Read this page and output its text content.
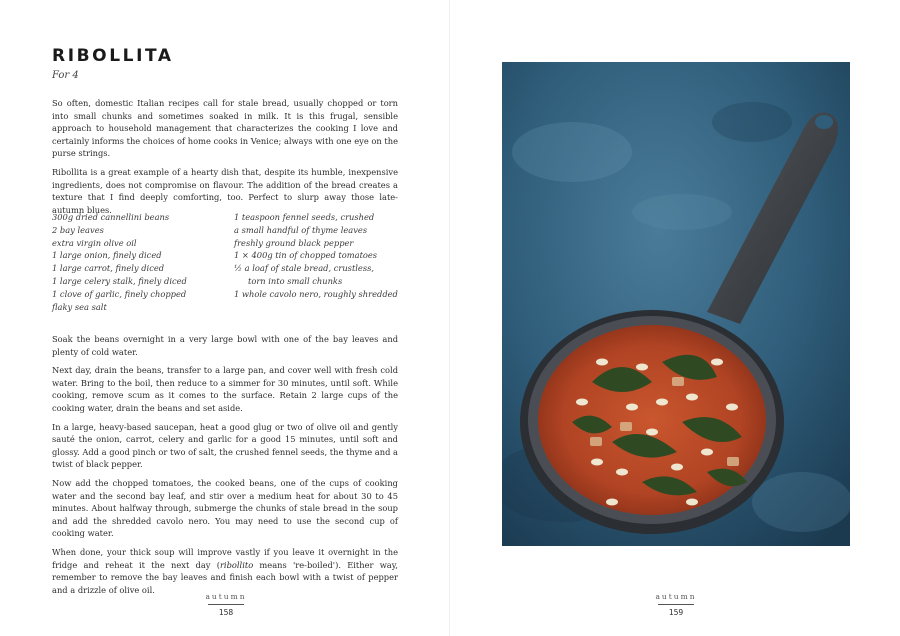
RIBOLLITA

For 4

So often, domestic Italian recipes call for stale bread, usually chopped or torn into small chunks and sometimes soaked in milk. It is this frugal, sensible approach to household management that characterizes the cooking I love and certainly informs the choices of home cooks in Venice; always with one eye on the purse strings.

Ribollita is a great example of a hearty dish that, despite its humble, inexpensive ingredients, does not compromise on flavour. The addition of the bread creates a texture that I find deeply comforting, too. Perfect to slurp away those late-autumn blues.

300g dried cannellini beans
2 bay leaves
extra virgin olive oil
1 large onion, finely diced
1 large carrot, finely diced
1 large celery stalk, finely diced
1 clove of garlic, finely chopped
flaky sea salt
1 teaspoon fennel seeds, crushed
a small handful of thyme leaves
freshly ground black pepper
1 × 400g tin of chopped tomatoes
½ a loaf of stale bread, crustless,
torn into small chunks
1 whole cavolo nero, roughly shredded

Soak the beans overnight in a very large bowl with one of the bay leaves and plenty of cold water.

Next day, drain the beans, transfer to a large pan, and cover well with fresh cold water. Bring to the boil, then reduce to a simmer for 30 minutes, until soft. While cooking, remove scum as it comes to the surface. Retain 2 large cups of the cooking water, drain the beans and set aside.

In a large, heavy-based saucepan, heat a good glug or two of olive oil and gently sauté the onion, carrot, celery and garlic for a good 15 minutes, until soft and glossy. Add a good pinch or two of salt, the crushed fennel seeds, the thyme and a twist of black pepper.

Now add the chopped tomatoes, the cooked beans, one of the cups of cooking water and the second bay leaf, and stir over a medium heat for about 30 to 45 minutes. About halfway through, submerge the chunks of stale bread in the soup and add the shredded cavolo nero. You may need to use the second cup of cooking water.

When done, your thick soup will improve vastly if you leave it overnight in the fridge and reheat it the next day (ribollito means 're-boiled'). Either way, remember to remove the bay leaves and finish each bowl with a twist of pepper and a drizzle of olive oil.

autumn
158
autumn
159
